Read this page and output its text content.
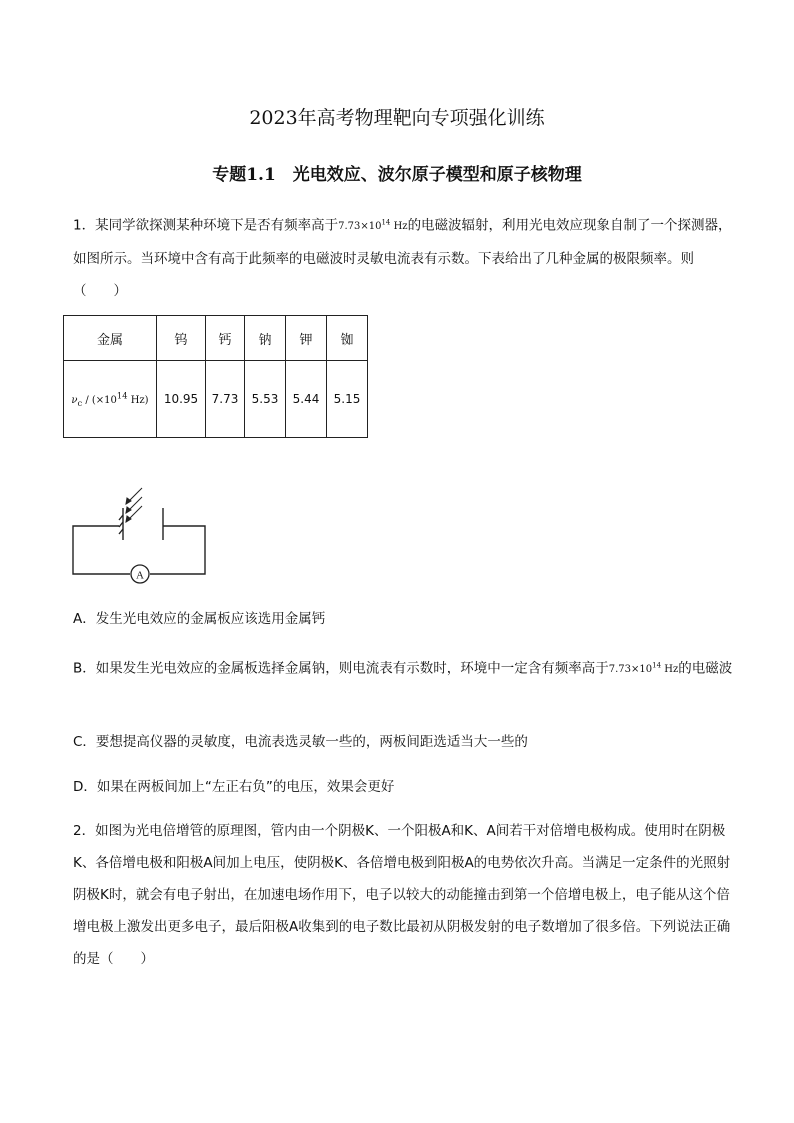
2023年高考物理靶向专项强化训练
专题1.1　光电效应、波尔原子模型和原子核物理
1．某同学欲探测某种环境下是否有频率高于$7.73\times 10^{14}$ Hz的电磁波辐射，利用光电效应现象自制了一个探测器，如图所示。当环境中含有高于此频率的电磁波时灵敏电流表有示数。下表给出了几种金属的极限频率。则（　　）
金属	钨	钙	钠	钾	铷
$\nu_c / (\times 10^{14}$ Hz)	10.95	7.73	5.53	5.44	5.15
A
A．发生光电效应的金属板应该选用金属钙
B．如果发生光电效应的金属板选择金属钠，则电流表有示数时，环境中一定含有频率高于$7.73\times 10^{14}$ Hz的电磁波
C．要想提高仪器的灵敏度，电流表选灵敏一些的，两板间距选适当大一些的
D．如果在两板间加上“左正右负”的电压，效果会更好
2．如图为光电倍增管的原理图，管内由一个阴极K、一个阳极A和K、A间若干对倍增电极构成。使用时在阴极K、各倍增电极和阳极A间加上电压，使阴极K、各倍增电极到阳极A的电势依次升高。当满足一定条件的光照射阴极K时，就会有电子射出，在加速电场作用下，电子以较大的动能撞击到第一个倍增电极上，电子能从这个倍增电极上激发出更多电子，最后阳极A收集到的电子数比最初从阴极发射的电子数增加了很多倍。下列说法正确的是（　　）
